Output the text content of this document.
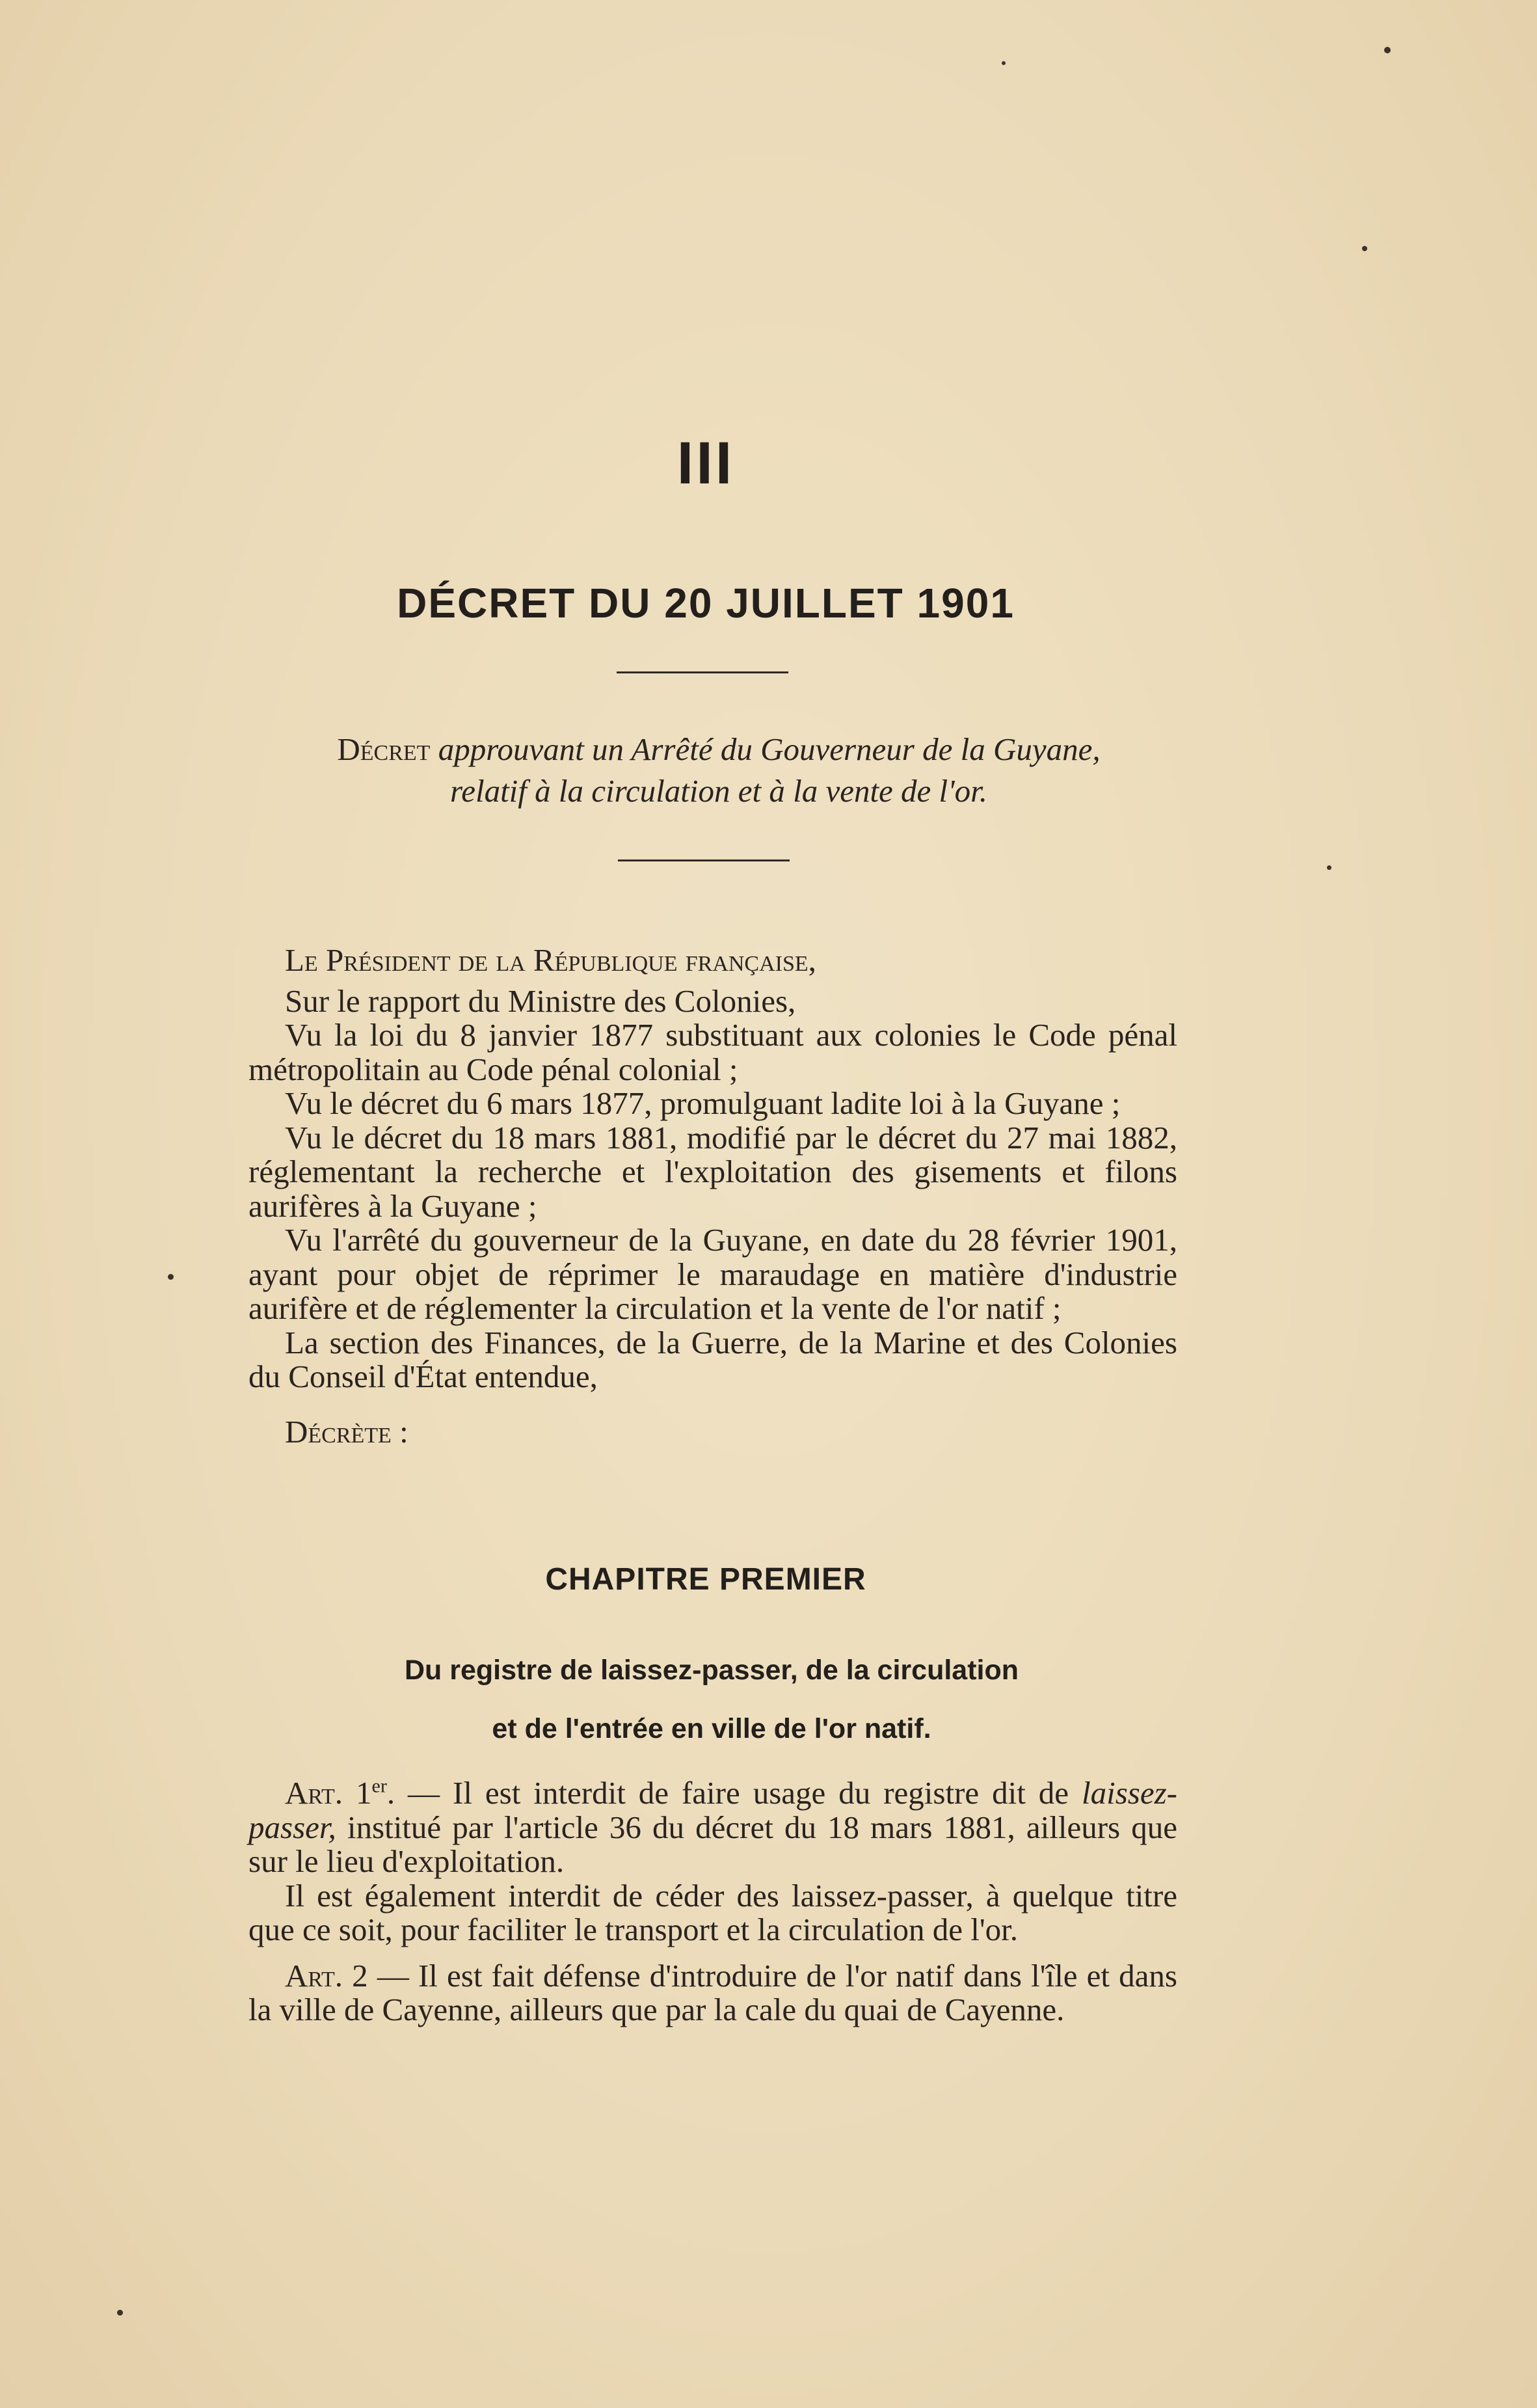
III
DÉCRET DU 20 JUILLET 1901
Décret approuvant un Arrêté du Gouverneur de la Guyane,
relatif à la circulation et à la vente de l'or.

Le Président de la République française,

Sur le rapport du Ministre des Colonies,

Vu la loi du 8 janvier 1877 substituant aux colonies le Code pénal métropolitain au Code pénal colonial ;

Vu le décret du 6 mars 1877, promulguant ladite loi à la Guyane ;

Vu le décret du 18 mars 1881, modifié par le décret du 27 mai 1882, réglementant la recherche et l'exploitation des gisements et filons aurifères à la Guyane ;

Vu l'arrêté du gouverneur de la Guyane, en date du 28 février 1901, ayant pour objet de réprimer le maraudage en matière d'industrie aurifère et de réglementer la circulation et la vente de l'or natif ;

La section des Finances, de la Guerre, de la Marine et des Colonies du Conseil d'État entendue,

Décrète :

CHAPITRE PREMIER
Du registre de laissez-passer, de la circulation
et de l'entrée en ville de l'or natif.

Art. 1er. — Il est interdit de faire usage du registre dit de laissez-passer, institué par l'article 36 du décret du 18 mars 1881, ailleurs que sur le lieu d'exploitation.

Il est également interdit de céder des laissez-passer, à quelque titre que ce soit, pour faciliter le transport et la circulation de l'or.

Art. 2 — Il est fait défense d'introduire de l'or natif dans l'île et dans la ville de Cayenne, ailleurs que par la cale du quai de Cayenne.
